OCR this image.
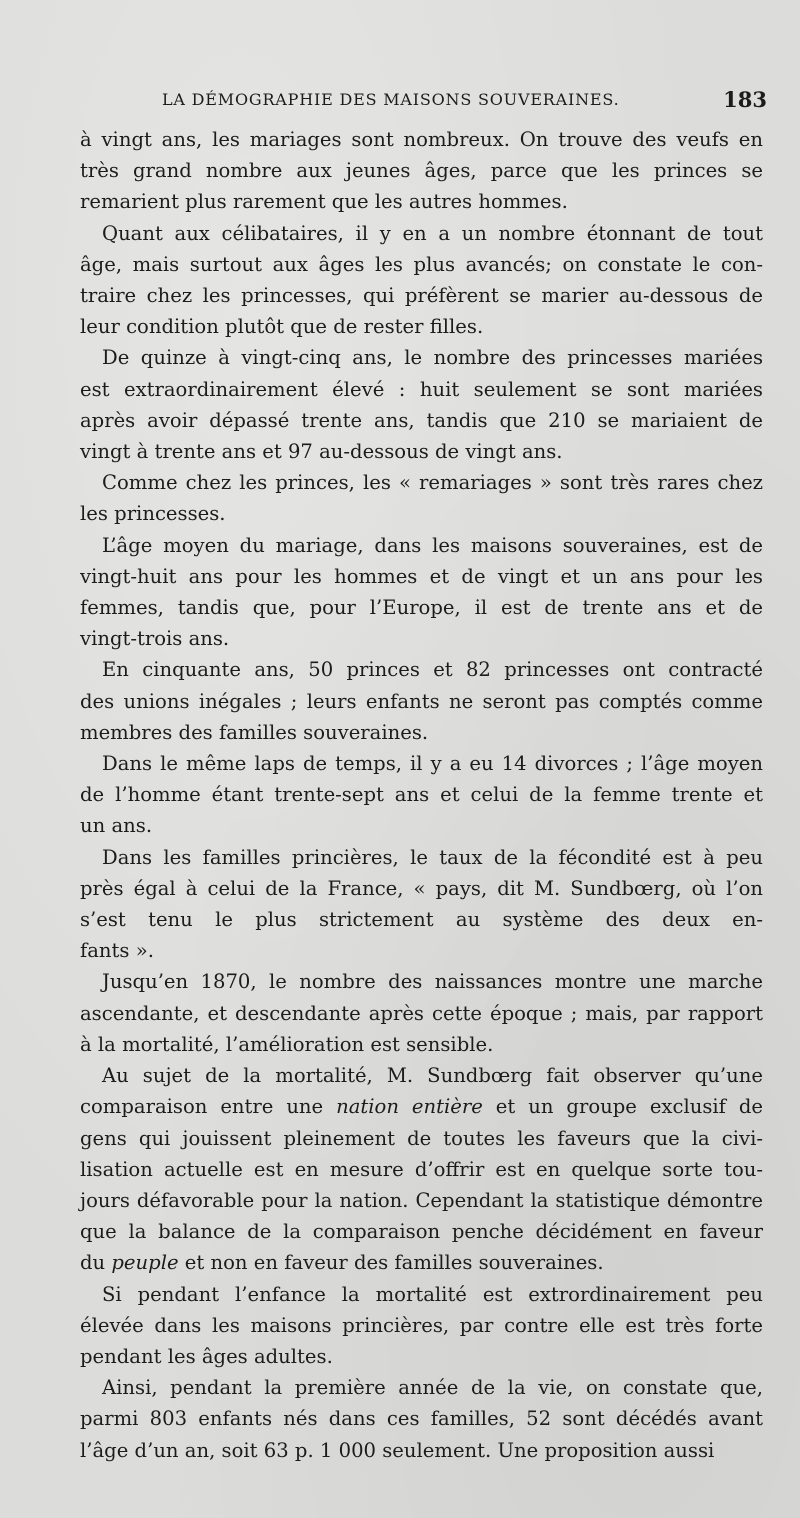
LA DÉMOGRAPHIE DES MAISONS SOUVERAINES.	183
à vingt ans, les mariages sont nombreux. On trouve des veufs en
très grand nombre aux jeunes âges, parce que les princes se
remarient plus rarement que les autres hommes.
Quant aux célibataires, il y en a un nombre étonnant de tout
âge, mais surtout aux âges les plus avancés; on constate le con-
traire chez les princesses, qui préfèrent se marier au-dessous de
leur condition plutôt que de rester filles.
De quinze à vingt-cinq ans, le nombre des princesses mariées
est extraordinairement élevé : huit seulement se sont mariées
après avoir dépassé trente ans, tandis que 210 se mariaient de
vingt à trente ans et 97 au-dessous de vingt ans.
Comme chez les princes, les « remariages » sont très rares chez
les princesses.
L’âge moyen du mariage, dans les maisons souveraines, est de
vingt-huit ans pour les hommes et de vingt et un ans pour les
femmes, tandis que, pour l’Europe, il est de trente ans et de
vingt-trois ans.
En cinquante ans, 50 princes et 82 princesses ont contracté
des unions inégales ; leurs enfants ne seront pas comptés comme
membres des familles souveraines.
Dans le même laps de temps, il y a eu 14 divorces ; l’âge moyen
de l’homme étant trente-sept ans et celui de la femme trente et
un ans.
Dans les familles princières, le taux de la fécondité est à peu
près égal à celui de la France, « pays, dit M. Sundbœrg, où l’on
s’est tenu le plus strictement au système des deux en-
fants ».
Jusqu’en 1870, le nombre des naissances montre une marche
ascendante, et descendante après cette époque ; mais, par rapport
à la mortalité, l’amélioration est sensible.
Au sujet de la mortalité, M. Sundbœrg fait observer qu’une
comparaison entre une nation entière et un groupe exclusif de
gens qui jouissent pleinement de toutes les faveurs que la civi-
lisation actuelle est en mesure d’offrir est en quelque sorte tou-
jours défavorable pour la nation. Cependant la statistique démontre
que la balance de la comparaison penche décidément en faveur
du peuple et non en faveur des familles souveraines.
Si pendant l’enfance la mortalité est extrordinairement peu
élevée dans les maisons princières, par contre elle est très forte
pendant les âges adultes.
Ainsi, pendant la première année de la vie, on constate que,
parmi 803 enfants nés dans ces familles, 52 sont décédés avant
l’âge d’un an, soit 63 p. 1 000 seulement. Une proposition aussi
